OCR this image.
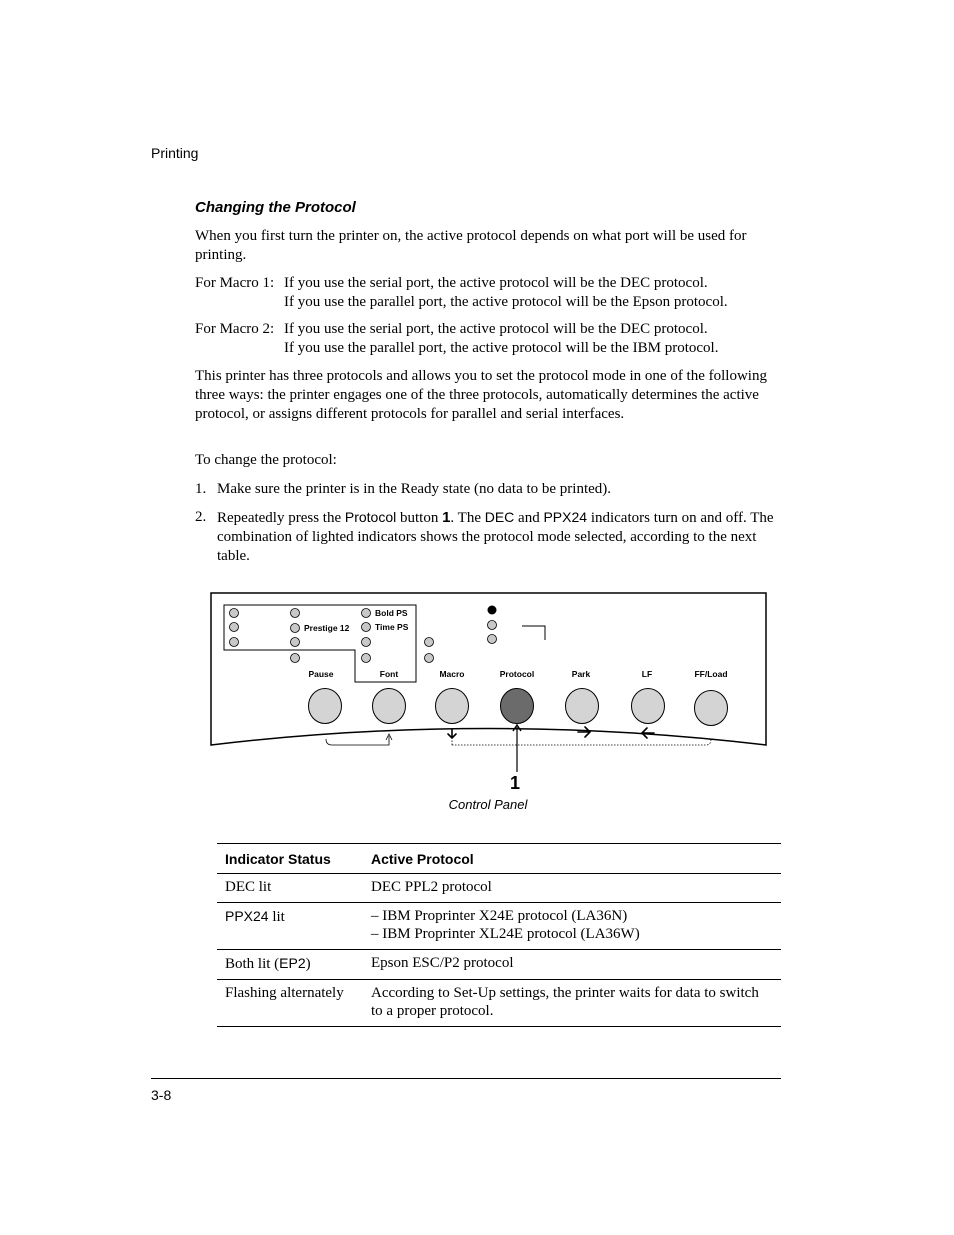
Printing
Changing the Protocol
When you first turn the printer on, the active protocol depends on what port will be used for printing.
For Macro 1: If you use the serial port, the active protocol will be the DEC protocol.
If you use the parallel port, the active protocol will be the Epson protocol.
For Macro 2: If you use the serial port, the active protocol will be the DEC protocol.
If you use the parallel port, the active protocol will be the IBM protocol.
This printer has three protocols and allows you to set the protocol mode in one of the following three ways: the printer engages one of the three protocols, automatically determines the active protocol, or assigns different protocols for parallel and serial interfaces.
To change the protocol:
1. Make sure the printer is in the Ready state (no data to be printed).
2. Repeatedly press the Protocol button 1. The DEC and PPX24 indicators turn on and off. The combination of lighted indicators shows the protocol mode selected, according to the next table.
Prestige 12
Bold PS
Time PS
Pause	Font	Macro	Protocol	Park	LF	FF/Load
1
Control Panel
Indicator Status	Active Protocol
DEC lit	DEC PPL2 protocol
PPX24 lit	– IBM Proprinter X24E protocol (LA36N)
– IBM Proprinter XL24E protocol (LA36W)

Both lit (EP2)	Epson ESC/P2 protocol
Flashing alternately	According to Set-Up settings, the printer waits for data to switch to a proper protocol.
3-8
